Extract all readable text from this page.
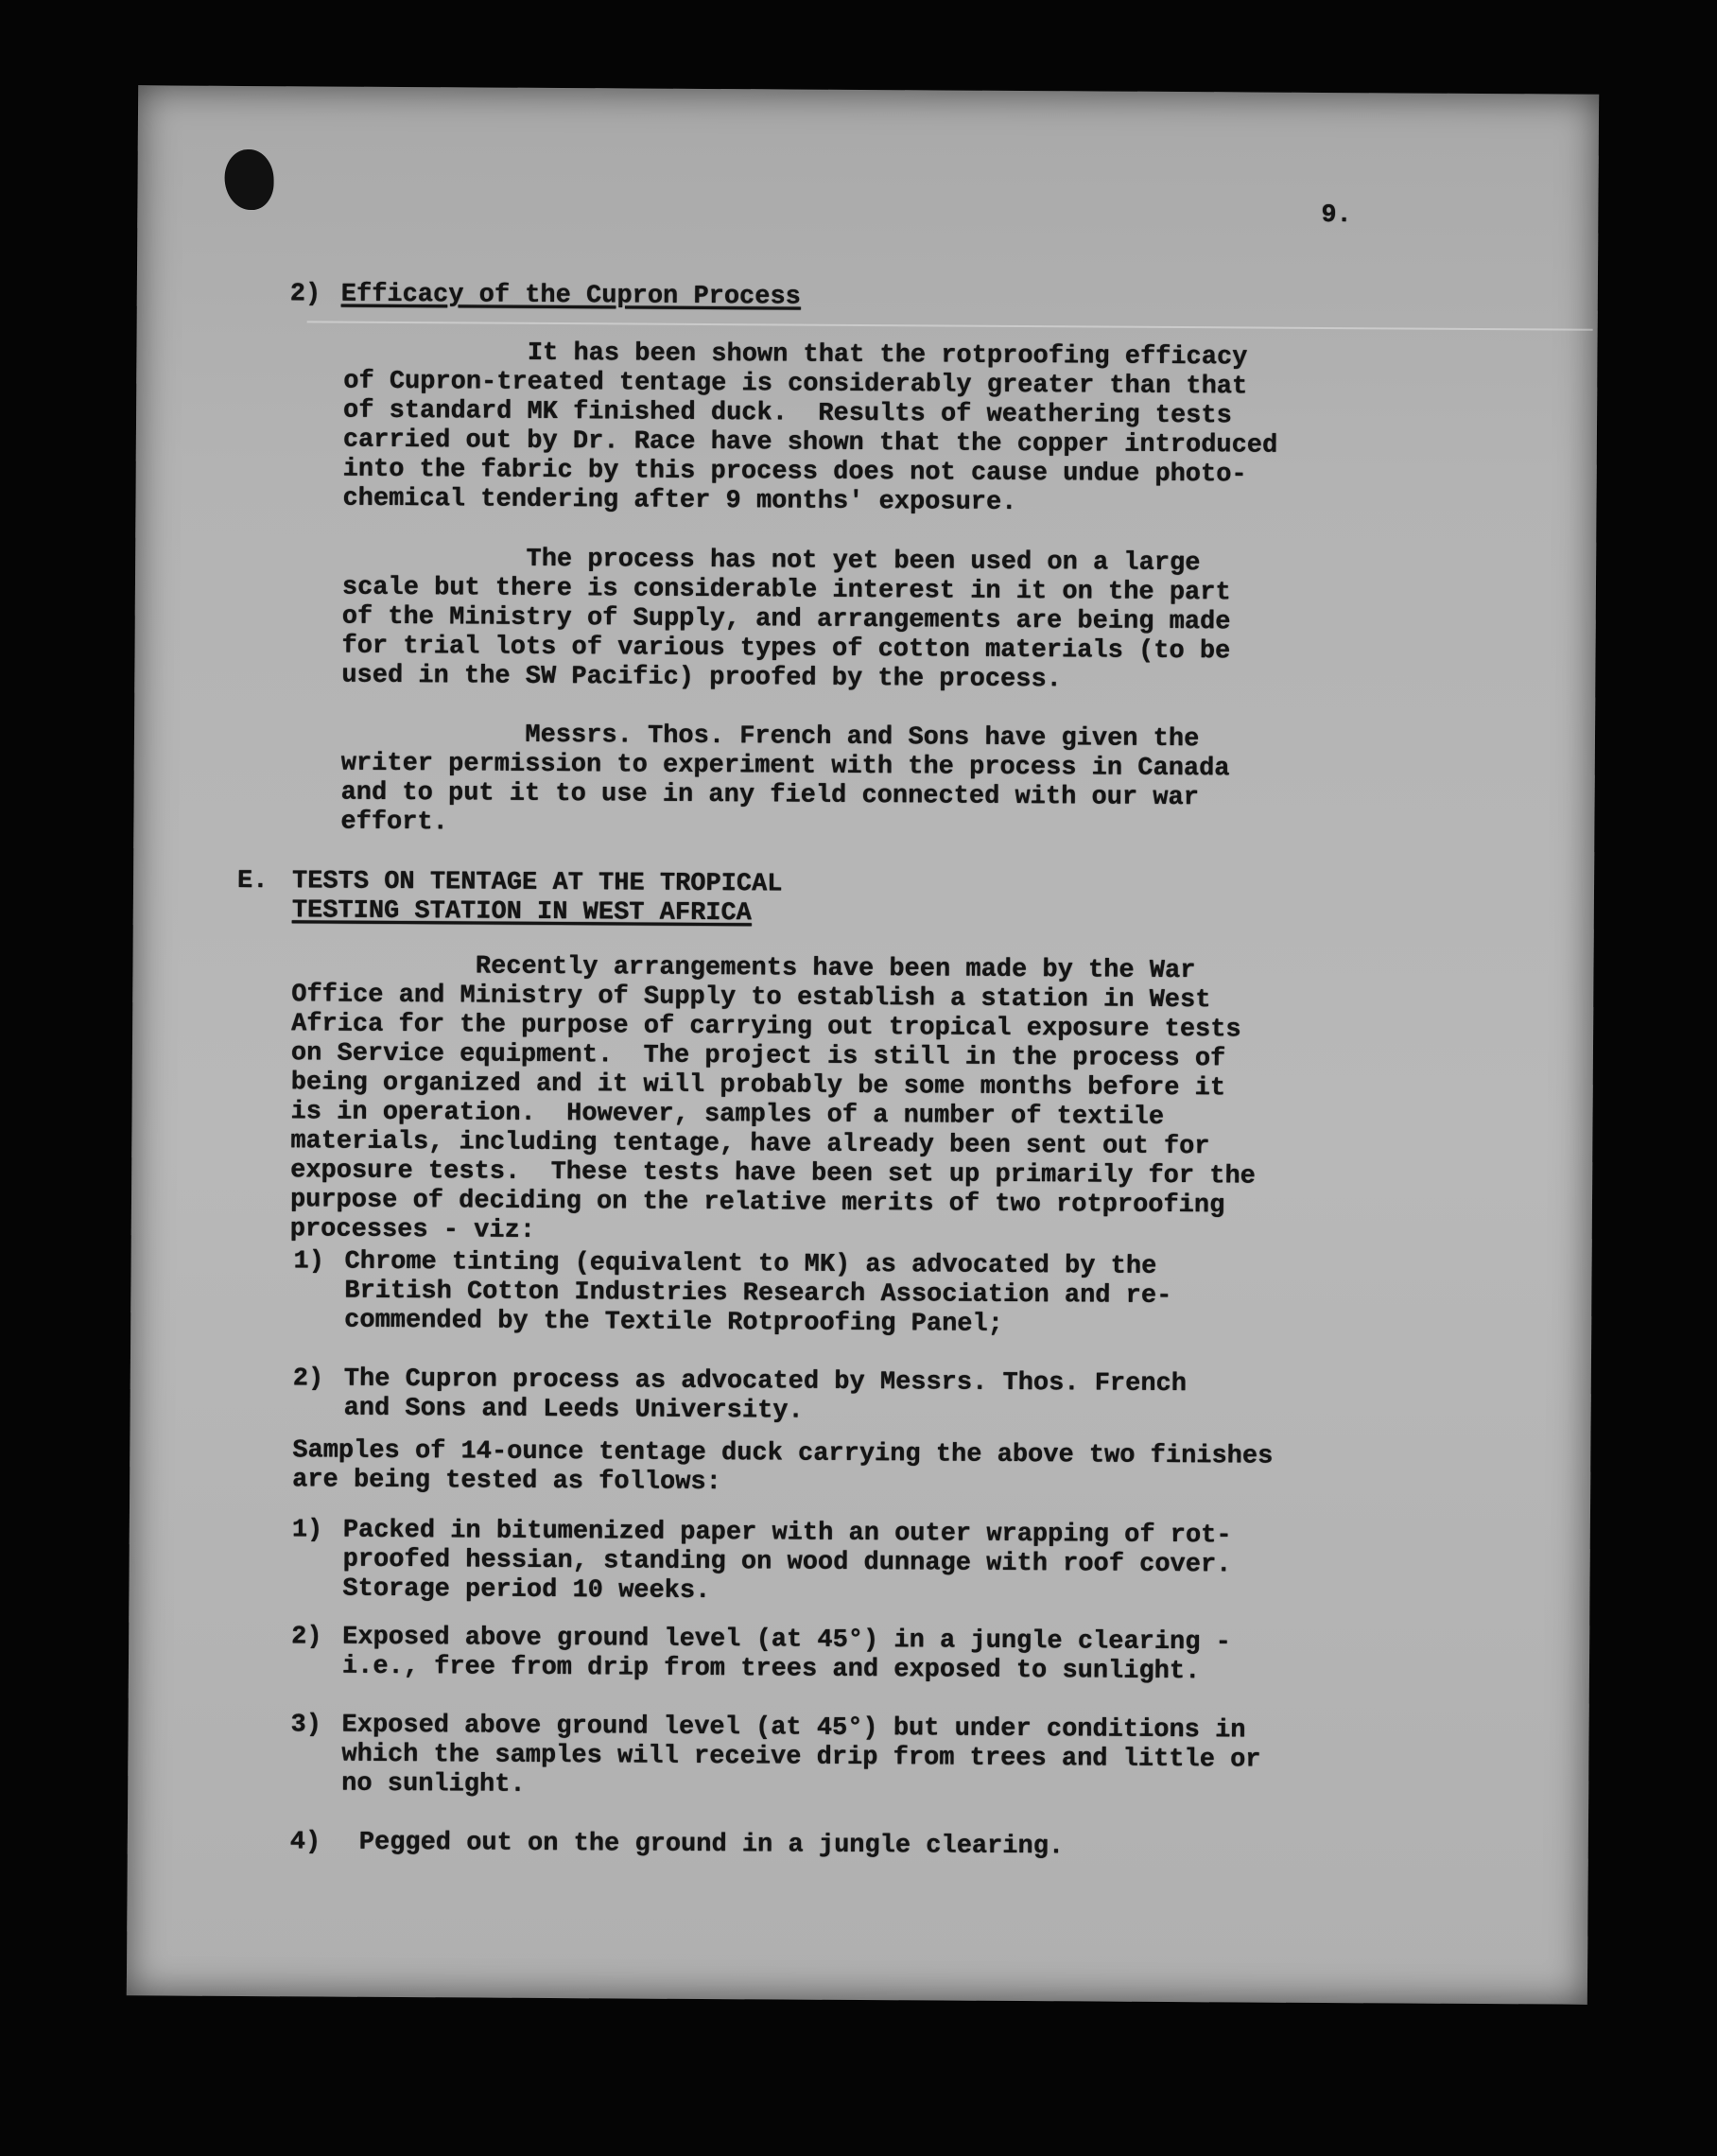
9.

2) Efficacy of the Cupron Process

It has been shown that the rotproofing efficacy
of Cupron-treated tentage is considerably greater than that
of standard MK finished duck.  Results of weathering tests
carried out by Dr. Race have shown that the copper introduced
into the fabric by this process does not cause undue photo-
chemical tendering after 9 months' exposure.

The process has not yet been used on a large
scale but there is considerable interest in it on the part
of the Ministry of Supply, and arrangements are being made
for trial lots of various types of cotton materials (to be
used in the SW Pacific) proofed by the process.

Messrs. Thos. French and Sons have given the
writer permission to experiment with the process in Canada
and to put it to use in any field connected with our war
effort.

E. TESTS ON TENTAGE AT THE TROPICAL

TESTING STATION IN WEST AFRICA

Recently arrangements have been made by the War
Office and Ministry of Supply to establish a station in West
Africa for the purpose of carrying out tropical exposure tests
on Service equipment.  The project is still in the process of
being organized and it will probably be some months before it
is in operation.  However, samples of a number of textile
materials, including tentage, have already been sent out for
exposure tests.  These tests have been set up primarily for the
purpose of deciding on the relative merits of two rotproofing
processes - viz:

1) Chrome tinting (equivalent to MK) as advocated by the
British Cotton Industries Research Association and re-
commended by the Textile Rotproofing Panel;

2) The Cupron process as advocated by Messrs. Thos. French
and Sons and Leeds University.

Samples of 14-ounce tentage duck carrying the above two finishes
are being tested as follows:

1) Packed in bitumenized paper with an outer wrapping of rot-
proofed hessian, standing on wood dunnage with roof cover.
Storage period 10 weeks.

2) Exposed above ground level (at 45°) in a jungle clearing -
i.e., free from drip from trees and exposed to sunlight.

3) Exposed above ground level (at 45°) but under conditions in
which the samples will receive drip from trees and little or
no sunlight.

4) Pegged out on the ground in a jungle clearing.
